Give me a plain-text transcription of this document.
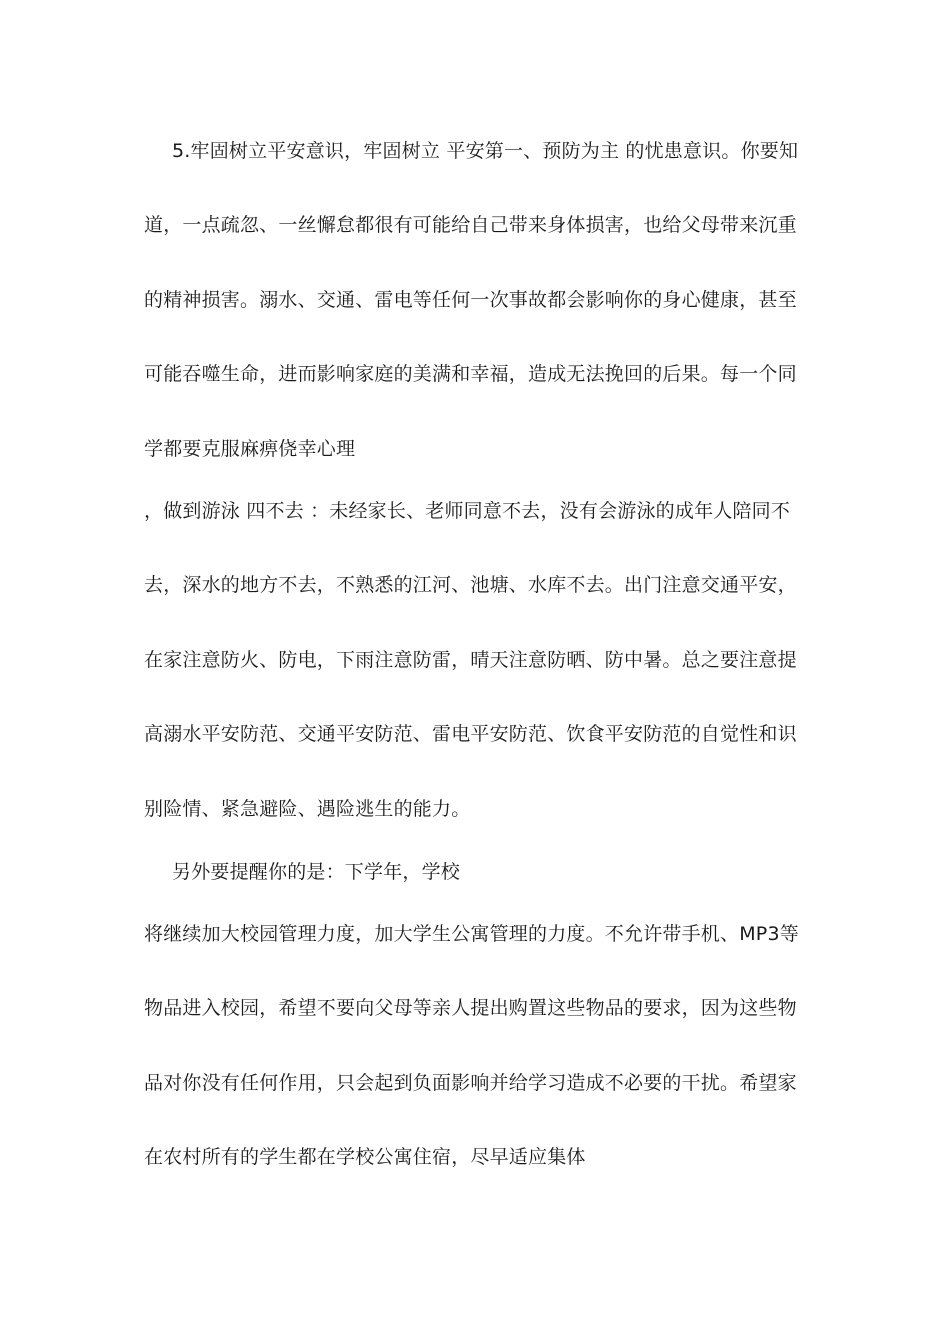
5.牢固树立平安意识，牢固树立 平安第一、预防为主 的忧患意识。你要知
道，一点疏忽、一丝懈怠都很有可能给自己带来身体损害，也给父母带来沉重
的精神损害。溺水、交通、雷电等任何一次事故都会影响你的身心健康，甚至
可能吞噬生命，进而影响家庭的美满和幸福，造成无法挽回的后果。每一个同
学都要克服麻痹侥幸心理
，做到游泳 四不去 ：未经家长、老师同意不去，没有会游泳的成年人陪同不
去，深水的地方不去，不熟悉的江河、池塘、水库不去。出门注意交通平安，
在家注意防火、防电，下雨注意防雷，晴天注意防晒、防中暑。总之要注意提
高溺水平安防范、交通平安防范、雷电平安防范、饮食平安防范的自觉性和识
别险情、紧急避险、遇险逃生的能力。
另外要提醒你的是：下学年，学校
将继续加大校园管理力度，加大学生公寓管理的力度。不允许带手机、MP3等
物品进入校园，希望不要向父母等亲人提出购置这些物品的要求，因为这些物
品对你没有任何作用，只会起到负面影响并给学习造成不必要的干扰。希望家
在农村所有的学生都在学校公寓住宿，尽早适应集体
